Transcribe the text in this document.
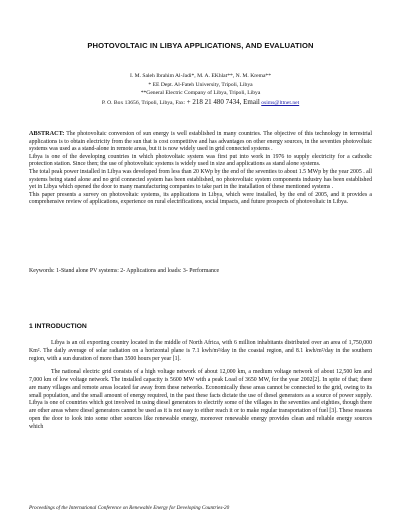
PHOTOVOLTAIC IN LIBYA APPLICATIONS, AND EVALUATION
I. M. Saleh Ibrahim Al-Jadi*, M. A. EKhlat**, N. M. Krema**
* EE Dept. Al-Fateh University, Tripoli, Libya
**General Electric Company of Libya, Tripoli, Libya
P. O. Box 13656, Tripoli, Libya, Fax: + 218 21 480 7434, Email osims@lttnet.net

ABSTRACT: The photovoltaic conversion of sun energy is well established in many countries. The objective of this technology in terrestrial applications is to obtain electricity from the sun that is cost competitive and has advantages on other energy sources, in the seventies photovoltaic systems was used as a stand-alone in remote areas, but it is now widely used in grid connected systems .

Libya is one of the developing countries in which photovoltaic system was first put into work in 1976 to supply electricity for a cathodic protection station. Since then; the use of photovoltaic systems is widely used in size and applications as stand alone systems.

The total peak power installed in Libya was developed from less than 20 KWp by the end of the seventies to about 1.5 MWp by the year 2005 . all systems being stand alone and no grid connected system has been established, no photovoltaic system components industry has been established yet in Libya which opened the door to many manufacturing companies to take part in the installation of these mentioned systems .

This paper presents a survey on photovoltaic systems, its applications in Libya, which were installed, by the end of 2005, and it provides a comprehensive review of applications, experience on rural electrifications, social impacts, and future prospects of photovoltaic in Libya.

Keywords: 1-Stand alone PV systems: 2- Applications and loads: 3- Performance
1 INTRODUCTION

Libya is an oil exporting country located in the middle of North Africa, with 6 million inhabitants distributed over an area of 1,750,000 Km². The daily average of solar radiation on a horizontal plane is 7.1 kwh/m²/day in the coastal region, and 8.1 kwh/m²/day in the southern region, with a sun duration of more than 3500 hours per year [1].

The national electric grid consists of a high voltage network of about 12,000 km, a medium voltage network of about 12,500 km and 7,000 km of low voltage network. The installed capacity is 5600 MW with a peak Load of 3650 MW, for the year 2002[2]. In spite of that; there are many villages and remote areas located far away from these networks. Economically these areas cannot be connected to the grid, owing to its small population, and the small amount of energy required, in the past these facts dictate the use of diesel generators as a source of power supply. Libya is one of countries which got involved in using diesel generators to electrify some of the villages in the seventies and eighties, though there are other areas where diesel generators cannot be used as it is not easy to either reach it or to make regular transportation of fuel [3]. These reasons open the door to look into some other sources like renewable energy, moreover renewable energy provides clean and reliable energy sources which

Proceedings of the International Conference on Renewable Energy for Developing Countries-20
